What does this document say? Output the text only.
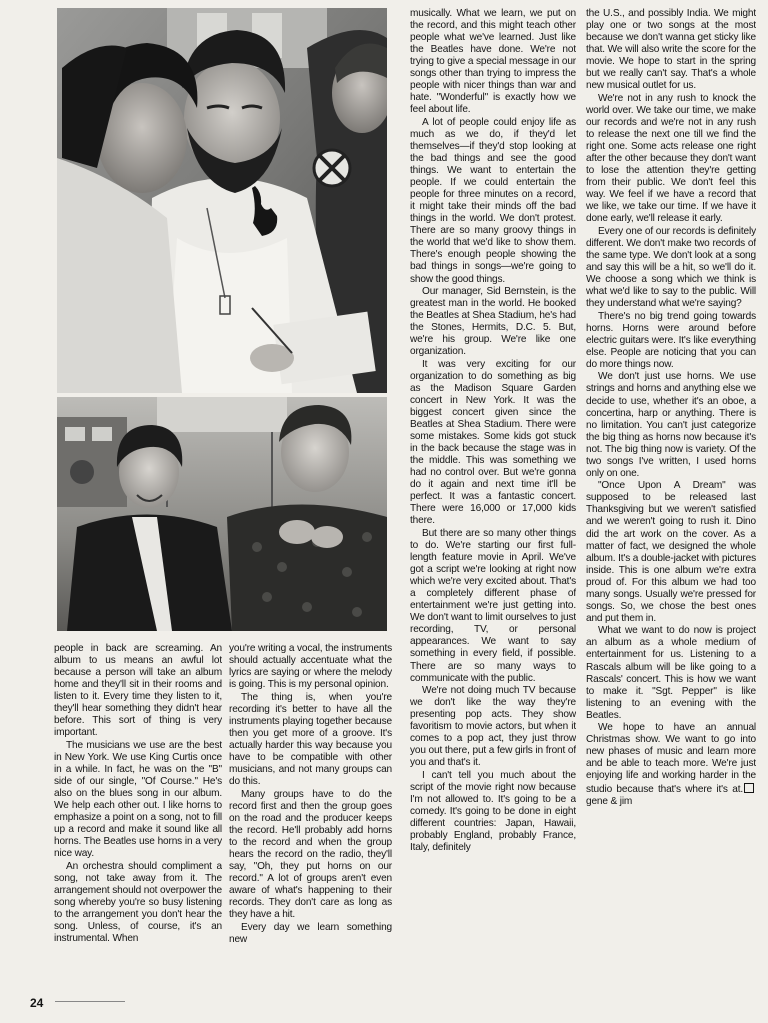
people in back are screaming. An album to us means an awful lot because a person will take an album home and they'll sit in their rooms and listen to it. Every time they listen to it, they'll hear something they didn't hear before. This sort of thing is very important.

The musicians we use are the best in New York. We use King Curtis once in a while. In fact, he was on the "B" side of our single, "Of Course." He's also on the blues song in our album. We help each other out. I like horns to emphasize a point on a song, not to fill up a record and make it sound like all horns. The Beatles use horns in a very nice way.

An orchestra should compliment a song, not take away from it. The arrangement should not overpower the song whereby you're so busy listening to the arrangement you don't hear the song. Unless, of course, it's an instrumental. When

you're writing a vocal, the instruments should actually accentuate what the lyrics are saying or where the melody is going. This is my personal opinion.

The thing is, when you're recording it's better to have all the instruments playing together because then you get more of a groove. It's actually harder this way because you have to be compatible with other musicians, and not many groups can do this.

Many groups have to do the record first and then the group goes on the road and the producer keeps the record. He'll probably add horns to the record and when the group hears the record on the radio, they'll say, "Oh, they put horns on our record." A lot of groups aren't even aware of what's happening to their records. They don't care as long as they have a hit.

Every day we learn something new

musically. What we learn, we put on the record, and this might teach other people what we've learned. Just like the Beatles have done. We're not trying to give a special message in our songs other than trying to impress the people with nicer things than war and hate. "Wonderful" is exactly how we feel about life.

A lot of people could enjoy life as much as we do, if they'd let themselves—if they'd stop looking at the bad things and see the good things. We want to entertain the people. If we could entertain the people for three minutes on a record, it might take their minds off the bad things in the world. We don't protest. There are so many groovy things in the world that we'd like to show them. There's enough people showing the bad things in songs—we're going to show the good things.

Our manager, Sid Bernstein, is the greatest man in the world. He booked the Beatles at Shea Stadium, he's had the Stones, Hermits, D.C. 5. But, we're his group. We're like one organization.

It was very exciting for our organization to do something as big as the Madison Square Garden concert in New York. It was the biggest concert given since the Beatles at Shea Stadium. There were some mistakes. Some kids got stuck in the back because the stage was in the middle. This was something we had no control over. But we're gonna do it again and next time it'll be perfect. It was a fantastic concert. There were 16,000 or 17,000 kids there.

But there are so many other things to do. We're starting our first full-length feature movie in April. We've got a script we're looking at right now which we're very excited about. That's a completely different phase of entertainment we're just getting into. We don't want to limit ourselves to just recording, TV, or personal appearances. We want to say something in every field, if possible. There are so many ways to communicate with the public.

We're not doing much TV because we don't like the way they're presenting pop acts. They show favoritism to movie actors, but when it comes to a pop act, they just throw you out there, put a few girls in front of you and that's it.

I can't tell you much about the script of the movie right now because I'm not allowed to. It's going to be a comedy. It's going to be done in eight different countries: Japan, Hawaii, probably England, probably France, Italy, definitely

the U.S., and possibly India. We might play one or two songs at the most because we don't wanna get sticky like that. We will also write the score for the movie. We hope to start in the spring but we really can't say. That's a whole new musical outlet for us.

We're not in any rush to knock the world over. We take our time, we make our records and we're not in any rush to release the next one till we find the right one. Some acts release one right after the other because they don't want to lose the attention they're getting from their public. We don't feel this way. We feel if we have a record that we like, we take our time. If we have it done early, we'll release it early.

Every one of our records is definitely different. We don't make two records of the same type. We don't look at a song and say this will be a hit, so we'll do it. We choose a song which we think is what we'd like to say to the public. Will they understand what we're saying?

There's no big trend going towards horns. Horns were around before electric guitars were. It's like everything else. People are noticing that you can do more things now.

We don't just use horns. We use strings and horns and anything else we decide to use, whether it's an oboe, a concertina, harp or anything. There is no limitation. You can't just categorize the big thing as horns now because it's not. The big thing now is variety. Of the two songs I've written, I used horns only on one.

"Once Upon A Dream" was supposed to be released last Thanksgiving but we weren't satisfied and we weren't going to rush it. Dino did the art work on the cover. As a matter of fact, we designed the whole album. It's a double-jacket with pictures inside. This is one album we're extra proud of. For this album we had too many songs. Usually we're pressed for songs. So, we chose the best ones and put them in.

What we want to do now is project an album as a whole medium of entertainment for us. Listening to a Rascals album will be like going to a Rascals' concert. This is how we want to make it. "Sgt. Pepper" is like listening to an evening with the Beatles.

We hope to have an annual Christmas show. We want to go into new phases of music and learn more and be able to teach more. We're just enjoying life and working harder in the studio because that's where it's at.gene & jim

24
